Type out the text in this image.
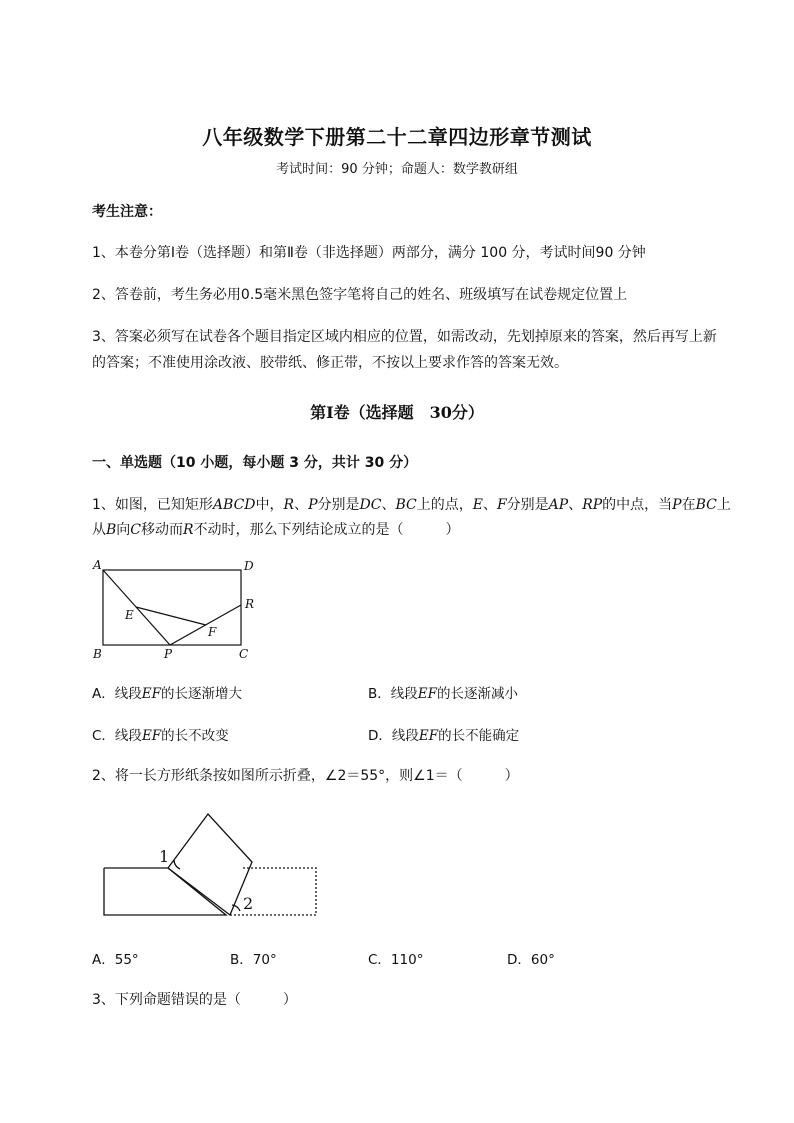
八年级数学下册第二十二章四边形章节测试
考试时间：90 分钟；命题人：数学教研组
考生注意：
1、本卷分第Ⅰ卷（选择题）和第Ⅱ卷（非选择题）两部分，满分 100 分，考试时间90 分钟
2、答卷前，考生务必用0.5毫米黑色签字笔将自己的姓名、班级填写在试卷规定位置上
3、答案必须写在试卷各个题目指定区域内相应的位置，如需改动，先划掉原来的答案，然后再写上新
的答案；不准使用涂改液、胶带纸、修正带，不按以上要求作答的答案无效。
第Ⅰ卷（选择题　30分）
一、单选题（10 小题，每小题 3 分，共计 30 分）
1、如图，已知矩形ABCD中，R、P分别是DC、BC上的点，E、F分别是AP、RP的中点，当P在BC上
从B向C移动而R不动时，那么下列结论成立的是（　　　）
A	D
R
E
F
B	P	C
A．线段EF的长逐渐增大	B．线段EF的长逐渐减小
C．线段EF的长不改变	D．线段EF的长不能确定
2、将一长方形纸条按如图所示折叠，∠2＝55°，则∠1＝（　　　）
1
2
A．55°	B．70°	C．110°	D．60°
3、下列命题错误的是（　　　）
